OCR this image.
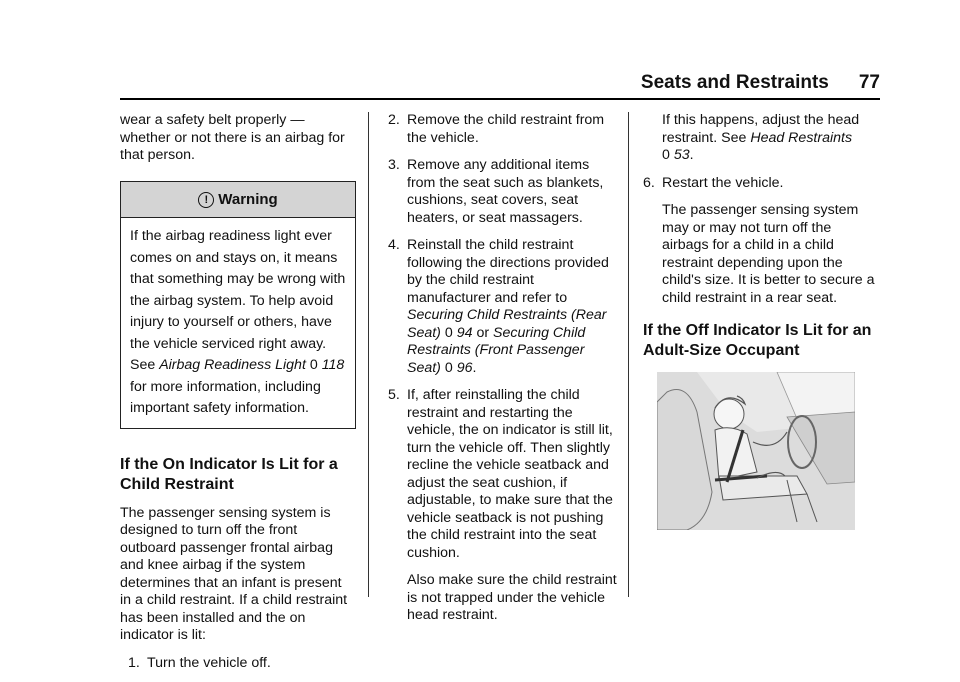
Seats and Restraints 77

wear a safety belt properly — whether or not there is an airbag for that person.

! Warning
If the airbag readiness light ever comes on and stays on, it means that something may be wrong with the airbag system. To help avoid injury to yourself or others, have the vehicle serviced right away. See Airbag Readiness Light 0 118 for more information, including important safety information.
If the On Indicator Is Lit for a Child Restraint

The passenger sensing system is designed to turn off the front outboard passenger frontal airbag and knee airbag if the system determines that an infant is present in a child restraint. If a child restraint has been installed and the on indicator is lit:

1. Turn the vehicle off.
2. Remove the child restraint from the vehicle.
3. Remove any additional items from the seat such as blankets, cushions, seat covers, seat heaters, or seat massagers.
4. Reinstall the child restraint following the directions provided by the child restraint manufacturer and refer to Securing Child Restraints (Rear Seat) 0 94 or Securing Child Restraints (Front Passenger Seat) 0 96.
5. If, after reinstalling the child restraint and restarting the vehicle, the on indicator is still lit, turn the vehicle off. Then slightly recline the vehicle seatback and adjust the seat cushion, if adjustable, to make sure that the vehicle seatback is not pushing the child restraint into the seat cushion.

Also make sure the child restraint is not trapped under the vehicle head restraint.

If this happens, adjust the head restraint. See Head Restraints
0 53.

6. Restart the vehicle.

The passenger sensing system may or may not turn off the airbags for a child in a child restraint depending upon the child's size. It is better to secure a child restraint in a rear seat.

If the Off Indicator Is Lit for an Adult-Size Occupant
